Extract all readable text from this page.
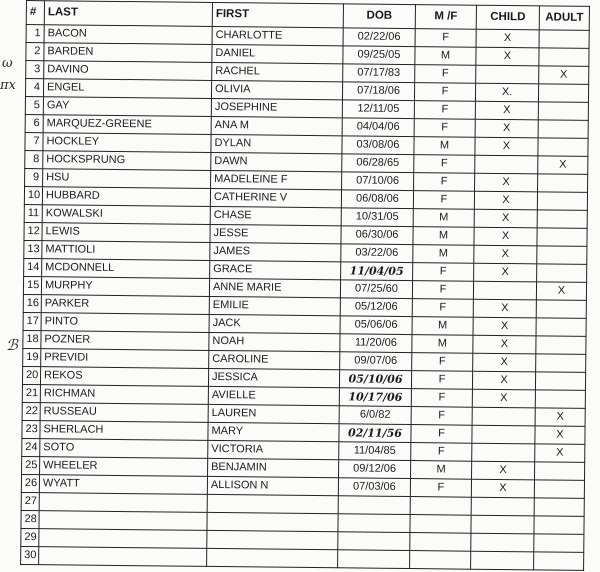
ω
πx
ℬ
#	LAST	FIRST	DOB	M /F	CHILD	ADULT
1	BACON	CHARLOTTE	02/22/06	F	X	
2	BARDEN	DANIEL	09/25/05	M	X	
3	DAVINO	RACHEL	07/17/83	F		X
4	ENGEL	OLIVIA	07/18/06	F	X.	
5	GAY	JOSEPHINE	12/11/05	F	X	
6	MARQUEZ-GREENE	ANA M	04/04/06	F	X	
7	HOCKLEY	DYLAN	03/08/06	M	X	
8	HOCKSPRUNG	DAWN	06/28/65	F		X
9	HSU	MADELEINE F	07/10/06	F	X	
10	HUBBARD	CATHERINE V	06/08/06	F	X	
11	KOWALSKI	CHASE	10/31/05	M	X	
12	LEWIS	JESSE	06/30/06	M	X	
13	MATTIOLI	JAMES	03/22/06	M	X	
14	MCDONNELL	GRACE	11/04/05	F	X	
15	MURPHY	ANNE MARIE	07/25/60	F		X
16	PARKER	EMILIE	05/12/06	F	X	
17	PINTO	JACK	05/06/06	M	X	
18	POZNER	NOAH	11/20/06	M	X	
19	PREVIDI	CAROLINE	09/07/06	F	X	
20	REKOS	JESSICA	05/10/06	F	X	
21	RICHMAN	AVIELLE	10/17/06	F	X	
22	RUSSEAU	LAUREN	6/0/82	F		X
23	SHERLACH	MARY	02/11/56	F		X
24	SOTO	VICTORIA	11/04/85	F		X
25	WHEELER	BENJAMIN	09/12/06	M	X	
26	WYATT	ALLISON N	07/03/06	F	X	
27						
28						
29						
30						
